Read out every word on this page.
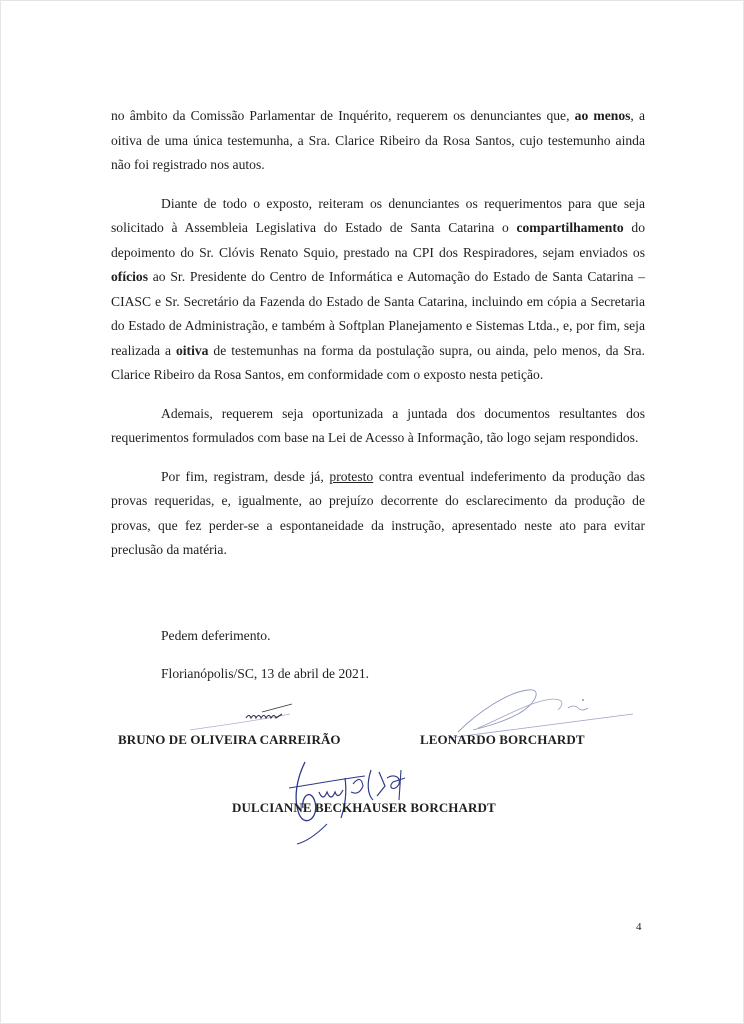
no âmbito da Comissão Parlamentar de Inquérito, requerem os denunciantes que, ao menos, a oitiva de uma única testemunha, a Sra. Clarice Ribeiro da Rosa Santos, cujo testemunho ainda não foi registrado nos autos.

Diante de todo o exposto, reiteram os denunciantes os requerimentos para que seja solicitado à Assembleia Legislativa do Estado de Santa Catarina o compartilhamento do depoimento do Sr. Clóvis Renato Squio, prestado na CPI dos Respiradores, sejam enviados os ofícios ao Sr. Presidente do Centro de Informática e Automação do Estado de Santa Catarina – CIASC e Sr. Secretário da Fazenda do Estado de Santa Catarina, incluindo em cópia a Secretaria do Estado de Administração, e também à Softplan Planejamento e Sistemas Ltda., e, por fim, seja realizada a oitiva de testemunhas na forma da postulação supra, ou ainda, pelo menos, da Sra. Clarice Ribeiro da Rosa Santos, em conformidade com o exposto nesta petição.

Ademais, requerem seja oportunizada a juntada dos documentos resultantes dos requerimentos formulados com base na Lei de Acesso à Informação, tão logo sejam respondidos.

Por fim, registram, desde já, protesto contra eventual indeferimento da produção das provas requeridas, e, igualmente, ao prejuízo decorrente do esclarecimento da produção de provas, que fez perder-se a espontaneidade da instrução, apresentado neste ato para evitar preclusão da matéria.

Pedem deferimento.
Florianópolis/SC, 13 de abril de 2021.
BRUNO DE OLIVEIRA CARREIRÃO	LEONARDO BORCHARDT
DULCIANNE BECKHAUSER BORCHARDT
4
